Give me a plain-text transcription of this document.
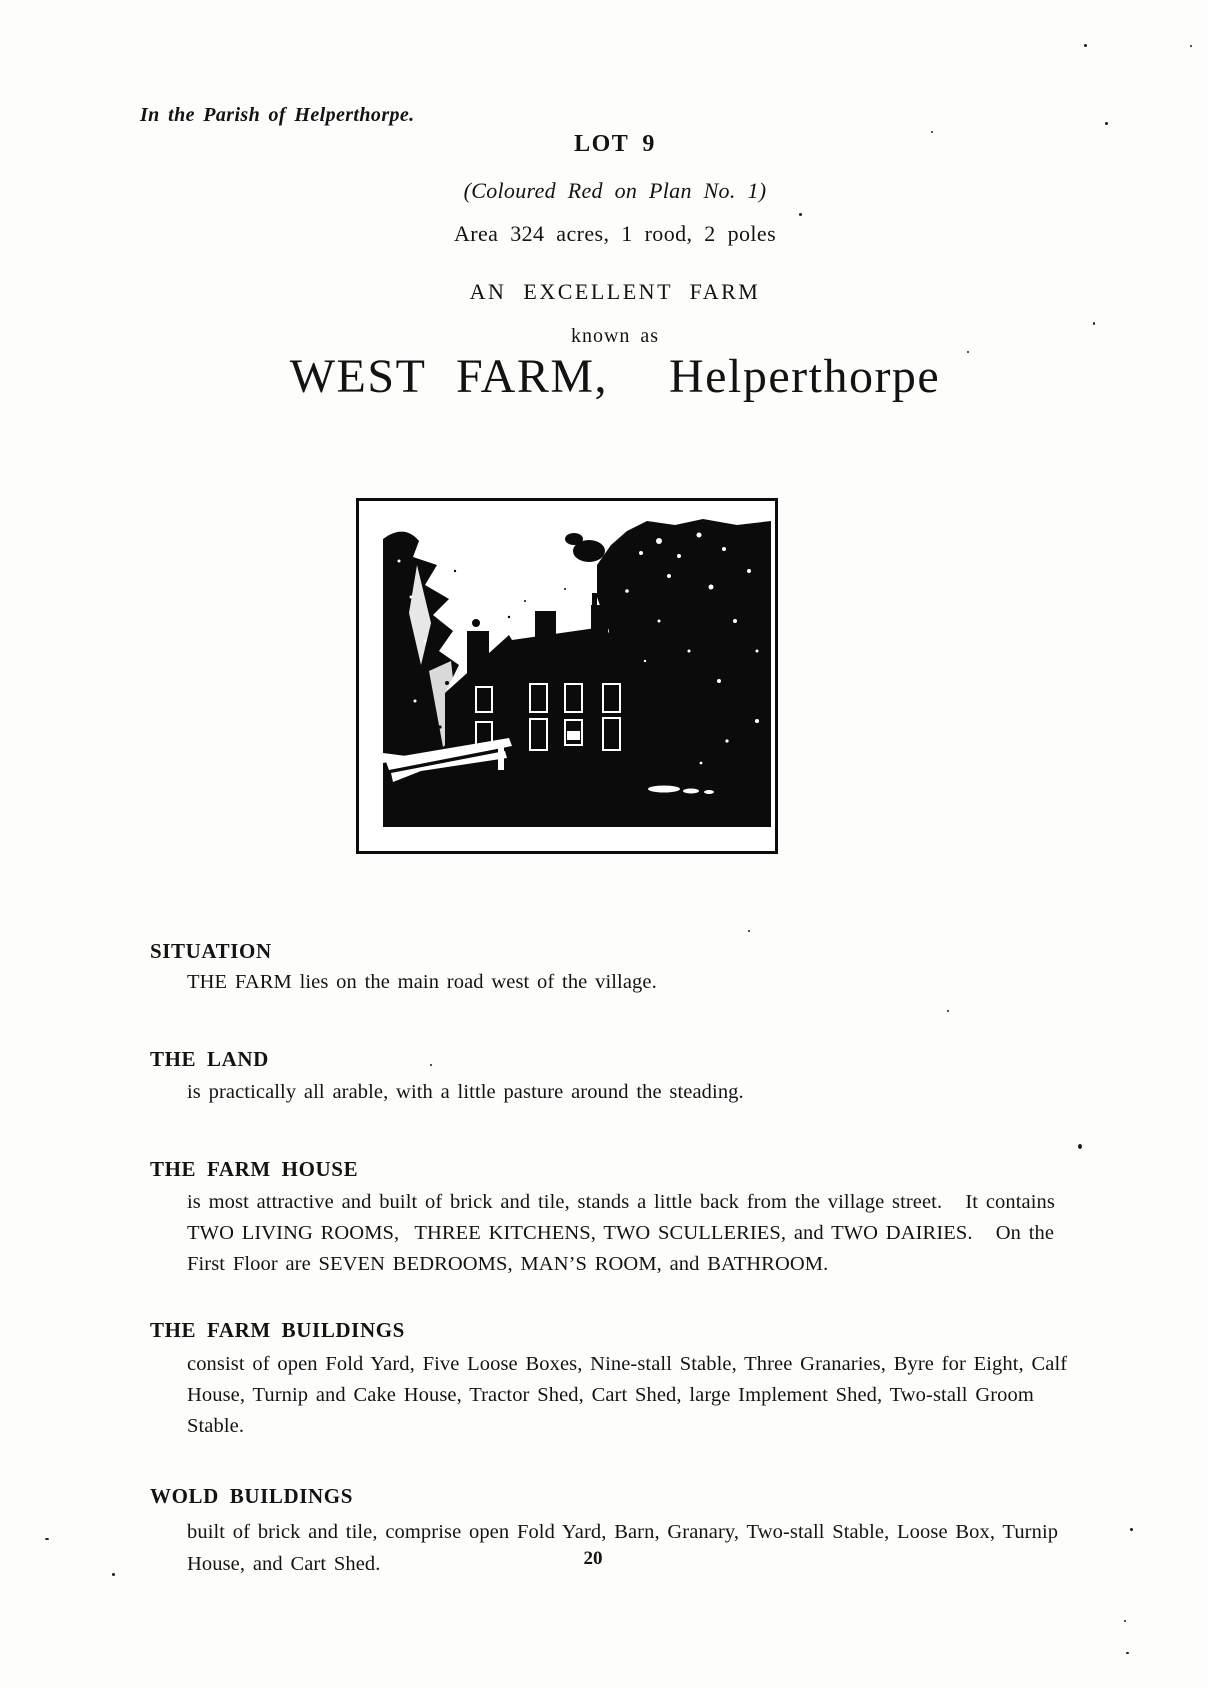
In the Parish of Helperthorpe.
LOT 9
(Coloured Red on Plan No. 1)
Area 324 acres, 1 rood, 2 poles
AN EXCELLENT FARM
known as
WEST FARM,  Helperthorpe
SITUATION

THE FARM lies on the main road west of the village.

THE LAND

is practically all arable, with a little pasture around the steading.

THE FARM HOUSE

is most attractive and built of brick and tile, stands a little back from the village street.   It contains

TWO LIVING ROOMS,  THREE KITCHENS, TWO SCULLERIES, and TWO DAIRIES.   On the

First Floor are SEVEN BEDROOMS, MAN’S ROOM, and BATHROOM.

THE FARM BUILDINGS

consist of open Fold Yard, Five Loose Boxes, Nine-stall Stable, Three Granaries, Byre for Eight, Calf

House, Turnip and Cake House, Tractor Shed, Cart Shed, large Implement Shed, Two-stall Groom

Stable.

WOLD BUILDINGS

built of brick and tile, comprise open Fold Yard, Barn, Granary, Two-stall Stable, Loose Box, Turnip

House, and Cart Shed.	20
